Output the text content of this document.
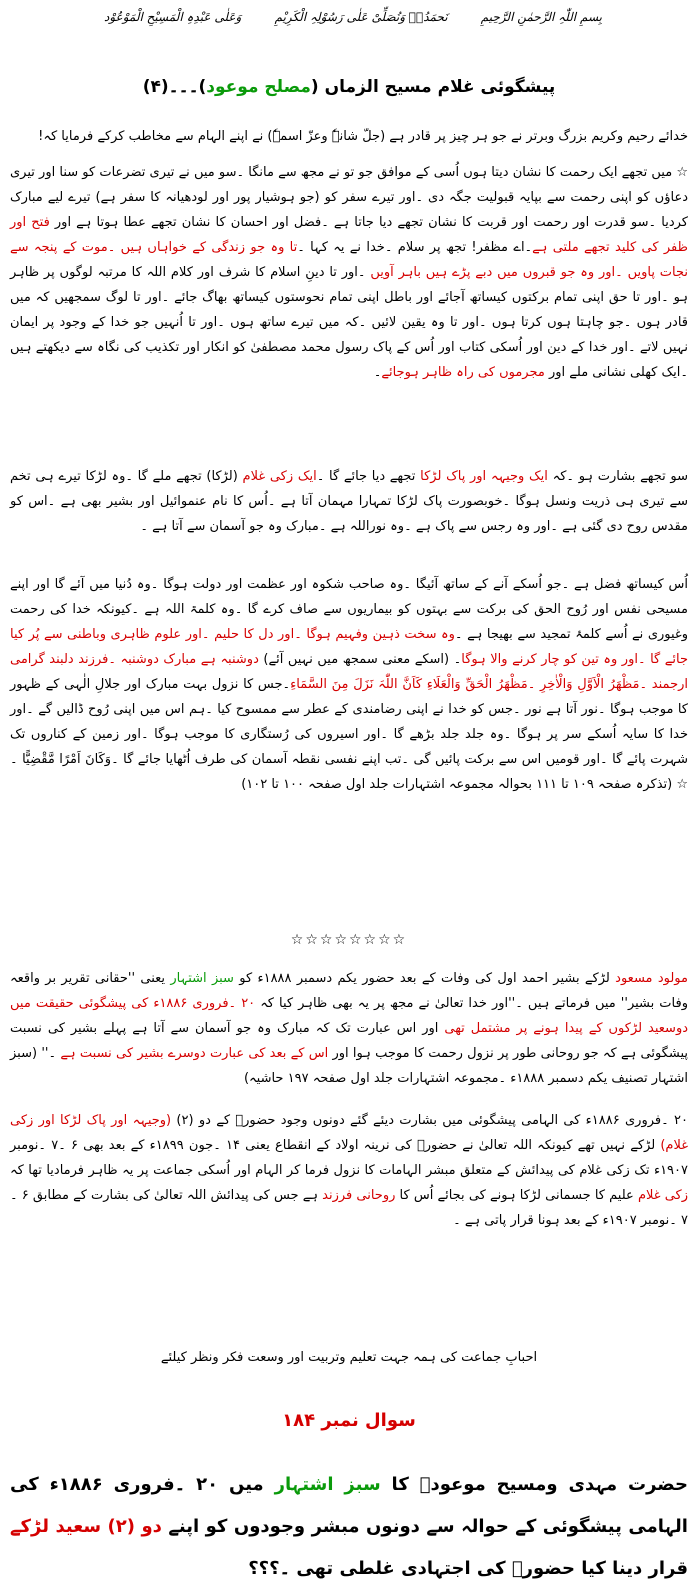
بِسمِ اللّٰہِ الرَّحمٰنِ الرَّحِیمِ
نَحمَدُہٗ وَنُصَلِّیْ عَلٰی رَسُوْلِہِ الْکَرِیْمِ
وَعَلٰی عَبْدِہِ الْمَسِیْحِ الْمَوْعُوْد
پیشگوئی غلام مسیح الزماں (مصلح موعود)۔۔۔(۴)

خدائے رحیم وکریم بزرگ وبرتر نے جو ہر چیز پر قادر ہے (جلّ شانہٗ وعزّ اسمہٗ) نے اپنے الہام سے مخاطب کرکے فرمایا کہ!

☆ میں تجھے ایک رحمت کا نشان دیتا ہوں اُسی کے موافق جو تو نے مجھ سے مانگا ۔سو میں نے تیری تضرعات کو سنا اور تیری دعاؤں کو اپنی رحمت سے بپایہ قبولیت جگہ دی ۔اور تیرے سفر کو (جو ہوشیار پور اور لودھیانہ کا سفر ہے) تیرے لیے مبارک کردیا ۔سو قدرت اور رحمت اور قربت کا نشان تجھے دیا جاتا ہے ۔فضل اور احسان کا نشان تجھے عطا ہوتا ہے اور فتح اور ظفر کی کلید تجھے ملتی ہے۔اے مظفر! تجھ پر سلام ۔خدا نے یہ کہا ۔تا وہ جو زندگی کے خواہاں ہیں ۔موت کے پنجہ سے نجات پاویں ۔اور وہ جو قبروں میں دبے پڑے ہیں باہر آویں ۔اور تا دینِ اسلام کا شرف اور کلام اللہ کا مرتبہ لوگوں پر ظاہر ہو ۔اور تا حق اپنی تمام برکتوں کیساتھ آجائے اور باطل اپنی تمام نحوستوں کیساتھ بھاگ جائے ۔اور تا لوگ سمجھیں کہ میں قادر ہوں ۔جو چاہتا ہوں کرتا ہوں ۔اور تا وہ یقین لائیں ۔کہ میں تیرے ساتھ ہوں ۔اور تا اُنہیں جو خدا کے وجود پر ایمان نہیں لاتے ۔اور خدا کے دین اور اُسکی کتاب اور اُس کے پاک رسول محمد مصطفیٰ کو انکار اور تکذیب کی نگاہ سے دیکھتے ہیں ۔ایک کھلی نشانی ملے اور مجرموں کی راہ ظاہر ہوجائے۔

سو تجھے بشارت ہو ۔کہ ایک وجیہہ اور پاک لڑکا تجھے دیا جائے گا ۔ایک زکی غلام (لڑکا) تجھے ملے گا ۔وہ لڑکا تیرے ہی تخم سے تیری ہی ذریت ونسل ہوگا ۔خوبصورت پاک لڑکا تمہارا مہمان آتا ہے ۔اُس کا نام عنموائیل اور بشیر بھی ہے ۔اس کو مقدس روح دی گئی ہے ۔اور وہ رجس سے پاک ہے ۔وہ نوراللہ ہے ۔مبارک وہ جو آسمان سے آتا ہے ۔

اُس کیساتھ فضل ہے ۔جو اُسکے آنے کے ساتھ آئیگا ۔وہ صاحب شکوہ اور عظمت اور دولت ہوگا ۔وہ دُنیا میں آئے گا اور اپنے مسیحی نفس اور رُوح الحق کی برکت سے بہتوں کو بیماریوں سے صاف کرے گا ۔وہ کلمۃ اللہ ہے ۔کیونکہ خدا کی رحمت وغیوری نے اُسے کلمۂ تمجید سے بھیجا ہے ۔وہ سخت ذہین وفہیم ہوگا ۔اور دل کا حلیم ۔اور علوم ظاہری وباطنی سے پُر کیا جائے گا ۔اور وہ تین کو چار کرنے والا ہوگا۔ (اسکے معنی سمجھ میں نہیں آئے) دوشنبہ ہے مبارک دوشنبہ ۔فرزند دلبند گرامی ارجمند ۔مَظْھَرُ الْاَوَّلِ وَالْاٰخِرِ ۔مَظْھَرُ الْحَقِّ وَالْعَلَاءِ کَاَنَّ اللّٰہَ نَزَلَ مِنَ السَّمَاءِ۔جس کا نزول بہت مبارک اور جلالِ الٰہی کے ظہور کا موجب ہوگا ۔نور آتا ہے نور ۔جس کو خدا نے اپنی رضامندی کے عطر سے ممسوح کیا ۔ہم اس میں اپنی رُوح ڈالیں گے ۔اور خدا کا سایہ اُسکے سر پر ہوگا ۔وہ جلد جلد بڑھے گا ۔اور اسیروں کی رُستگاری کا موجب ہوگا ۔اور زمین کے کناروں تک شہرت پائے گا ۔اور قومیں اس سے برکت پائیں گی ۔تب اپنے نفسی نقطہ آسمان کی طرف اُٹھایا جائے گا ۔وَکَانَ اَمْرًا مَّقْضِیًّا ۔☆ (تذکرہ صفحہ ۱۰۹ تا ۱۱۱ بحوالہ مجموعہ اشتہارات جلد اول صفحہ ۱۰۰ تا ۱۰۲)

☆☆☆☆☆☆☆☆

مولود مسعود لڑکے بشیر احمد اول کی وفات کے بعد حضور یکم دسمبر ۱۸۸۸ء کو سبز اشتہار یعنی ''حقانی تقریر بر واقعہ وفات بشیر'' میں فرماتے ہیں ۔''اور خدا تعالیٰ نے مجھ پر یہ بھی ظاہر کیا کہ ۲۰ ۔فروری ۱۸۸۶ء کی پیشگوئی حقیقت میں دوسعید لڑکوں کے پیدا ہونے پر مشتمل تھی اور اس عبارت تک کہ مبارک وہ جو آسمان سے آتا ہے پہلے بشیر کی نسبت پیشگوئی ہے کہ جو روحانی طور پر نزول رحمت کا موجب ہوا اور اس کے بعد کی عبارت دوسرے بشیر کی نسبت ہے ۔'' (سبز اشتہار تصنیف یکم دسمبر ۱۸۸۸ء ۔مجموعہ اشتہارات جلد اول صفحہ ۱۹۷ حاشیہ)

۲۰ ۔فروری ۱۸۸۶ء کی الہامی پیشگوئی میں بشارت دیئے گئے دونوں وجود حضورؑ کے دو (۲) (وجیہہ اور پاک لڑکا اور زکی غلام) لڑکے نہیں تھے کیونکہ اللہ تعالیٰ نے حضورؑ کی نرینہ اولاد کے انقطاع یعنی ۱۴ ۔جون ۱۸۹۹ء کے بعد بھی ۶ ۔۷ ۔نومبر ۱۹۰۷ء تک زکی غلام کی پیدائش کے متعلق مبشر الہامات کا نزول فرما کر الہام اور اُسکی جماعت پر یہ ظاہر فرمادیا تھا کہ زکی غلام علیم کا جسمانی لڑکا ہونے کی بجائے اُس کا روحانی فرزند ہے جس کی پیدائش اللہ تعالیٰ کی بشارت کے مطابق ۶ ۔۷ ۔نومبر ۱۹۰۷ء کے بعد ہونا قرار پاتی ہے ۔

احبابِ جماعت کی ہمہ جہت تعلیم وتربیت اور وسعت فکر ونظر کیلئے
سوال نمبر ۱۸۴

حضرت مہدی ومسیح موعودؑ کا سبز اشتہار میں ۲۰ ۔فروری ۱۸۸۶ء کی الہامی پیشگوئی کے حوالہ سے دونوں مبشر وجودوں کو اپنے دو (۲) سعید لڑکے قرار دینا کیا حضورؑ کی اجتہادی غلطی تھی ۔؟؟؟
